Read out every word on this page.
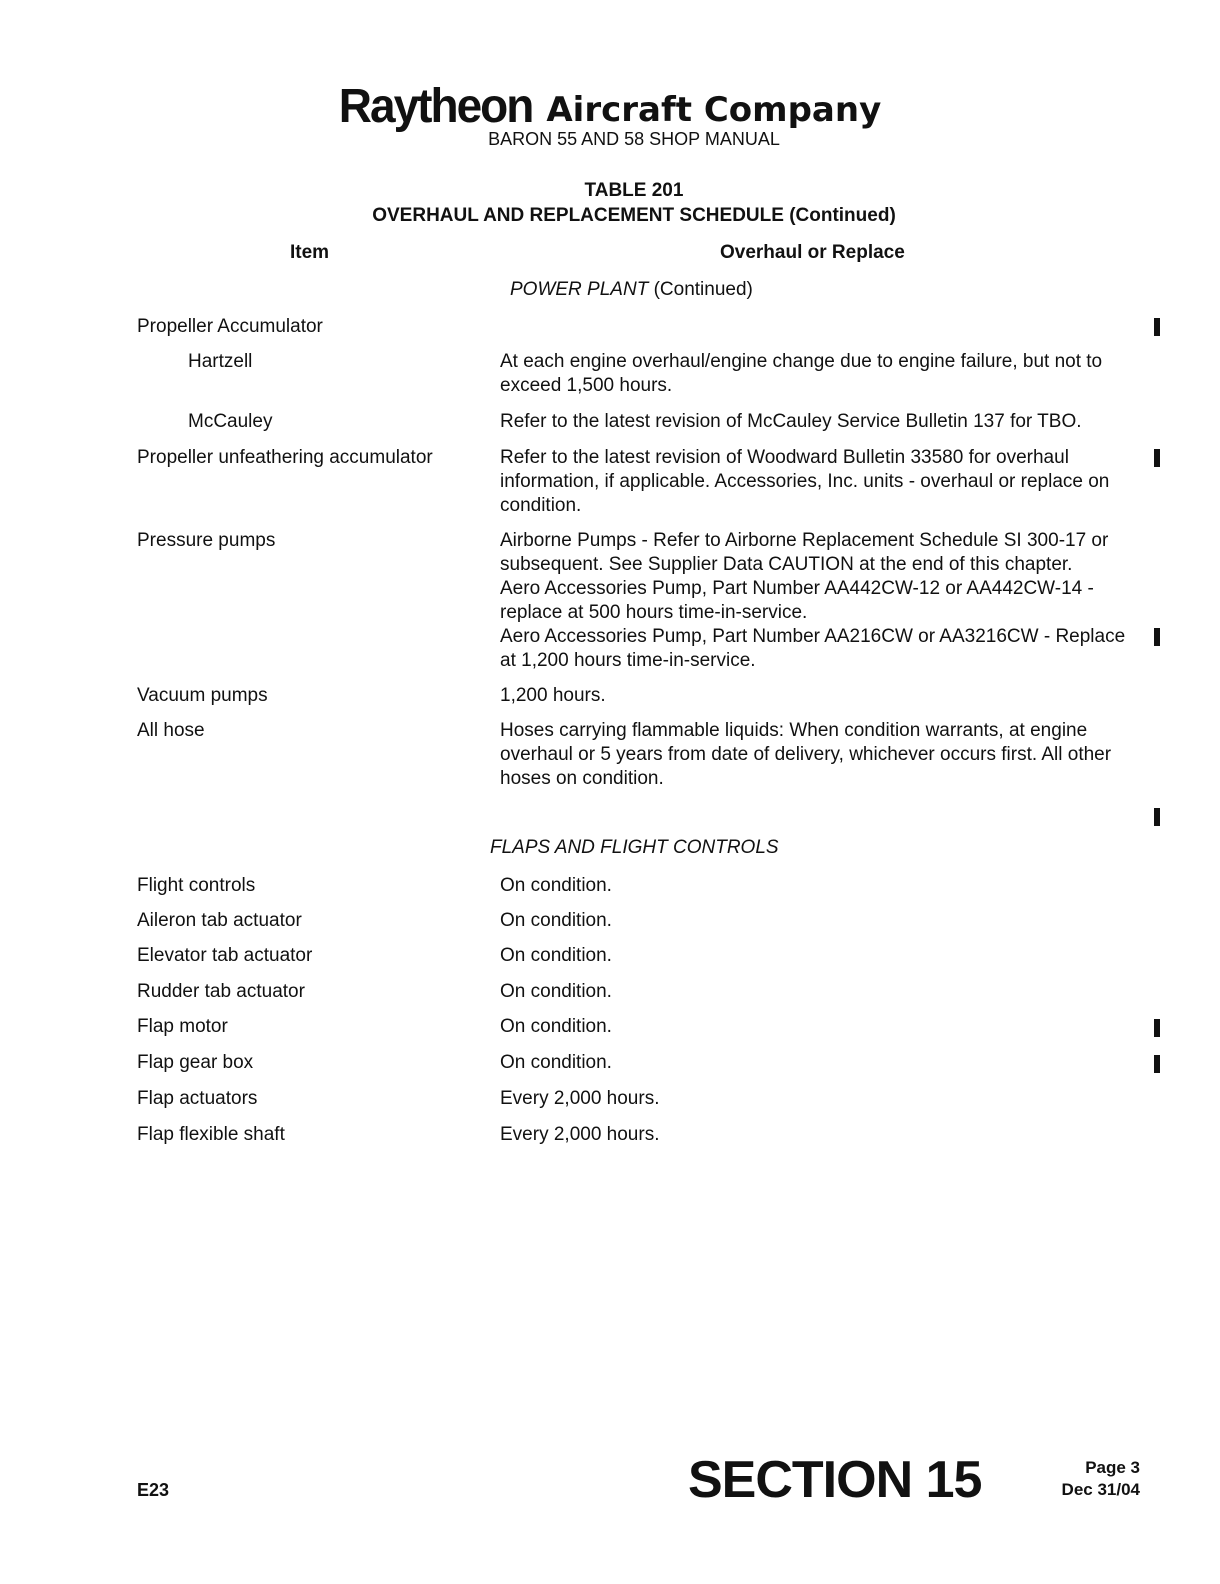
Raytheon Aircraft Company
BARON 55 AND 58 SHOP MANUAL
TABLE 201
OVERHAUL AND REPLACEMENT SCHEDULE (Continued)
Item	Overhaul or Replace
POWER PLANT (Continued)
Propeller Accumulator
Hartzell	At each engine overhaul/engine change due to engine failure, but not to exceed 1,500 hours.
McCauley	Refer to the latest revision of McCauley Service Bulletin 137 for TBO.
Propeller unfeathering accumulator	Refer to the latest revision of Woodward Bulletin 33580 for overhaul information, if applicable. Accessories, Inc. units - overhaul or replace on condition.
Pressure pumps	Airborne Pumps - Refer to Airborne Replacement Schedule SI 300-17 or subsequent. See Supplier Data CAUTION at the end of this chapter.
Aero Accessories Pump, Part Number AA442CW-12 or AA442CW-14 - replace at 500 hours time-in-service.
Aero Accessories Pump, Part Number AA216CW or AA3216CW - Replace at 1,200 hours time-in-service.
Vacuum pumps	1,200 hours.
All hose	Hoses carrying flammable liquids: When condition warrants, at engine overhaul or 5 years from date of delivery, whichever occurs first. All other hoses on condition.
FLAPS AND FLIGHT CONTROLS
Flight controls	On condition.
Aileron tab actuator	On condition.
Elevator tab actuator	On condition.
Rudder tab actuator	On condition.
Flap motor	On condition.
Flap gear box	On condition.
Flap actuators	Every 2,000 hours.
Flap flexible shaft	Every 2,000 hours.
E23	SECTION 15	Page 3
Dec 31/04
